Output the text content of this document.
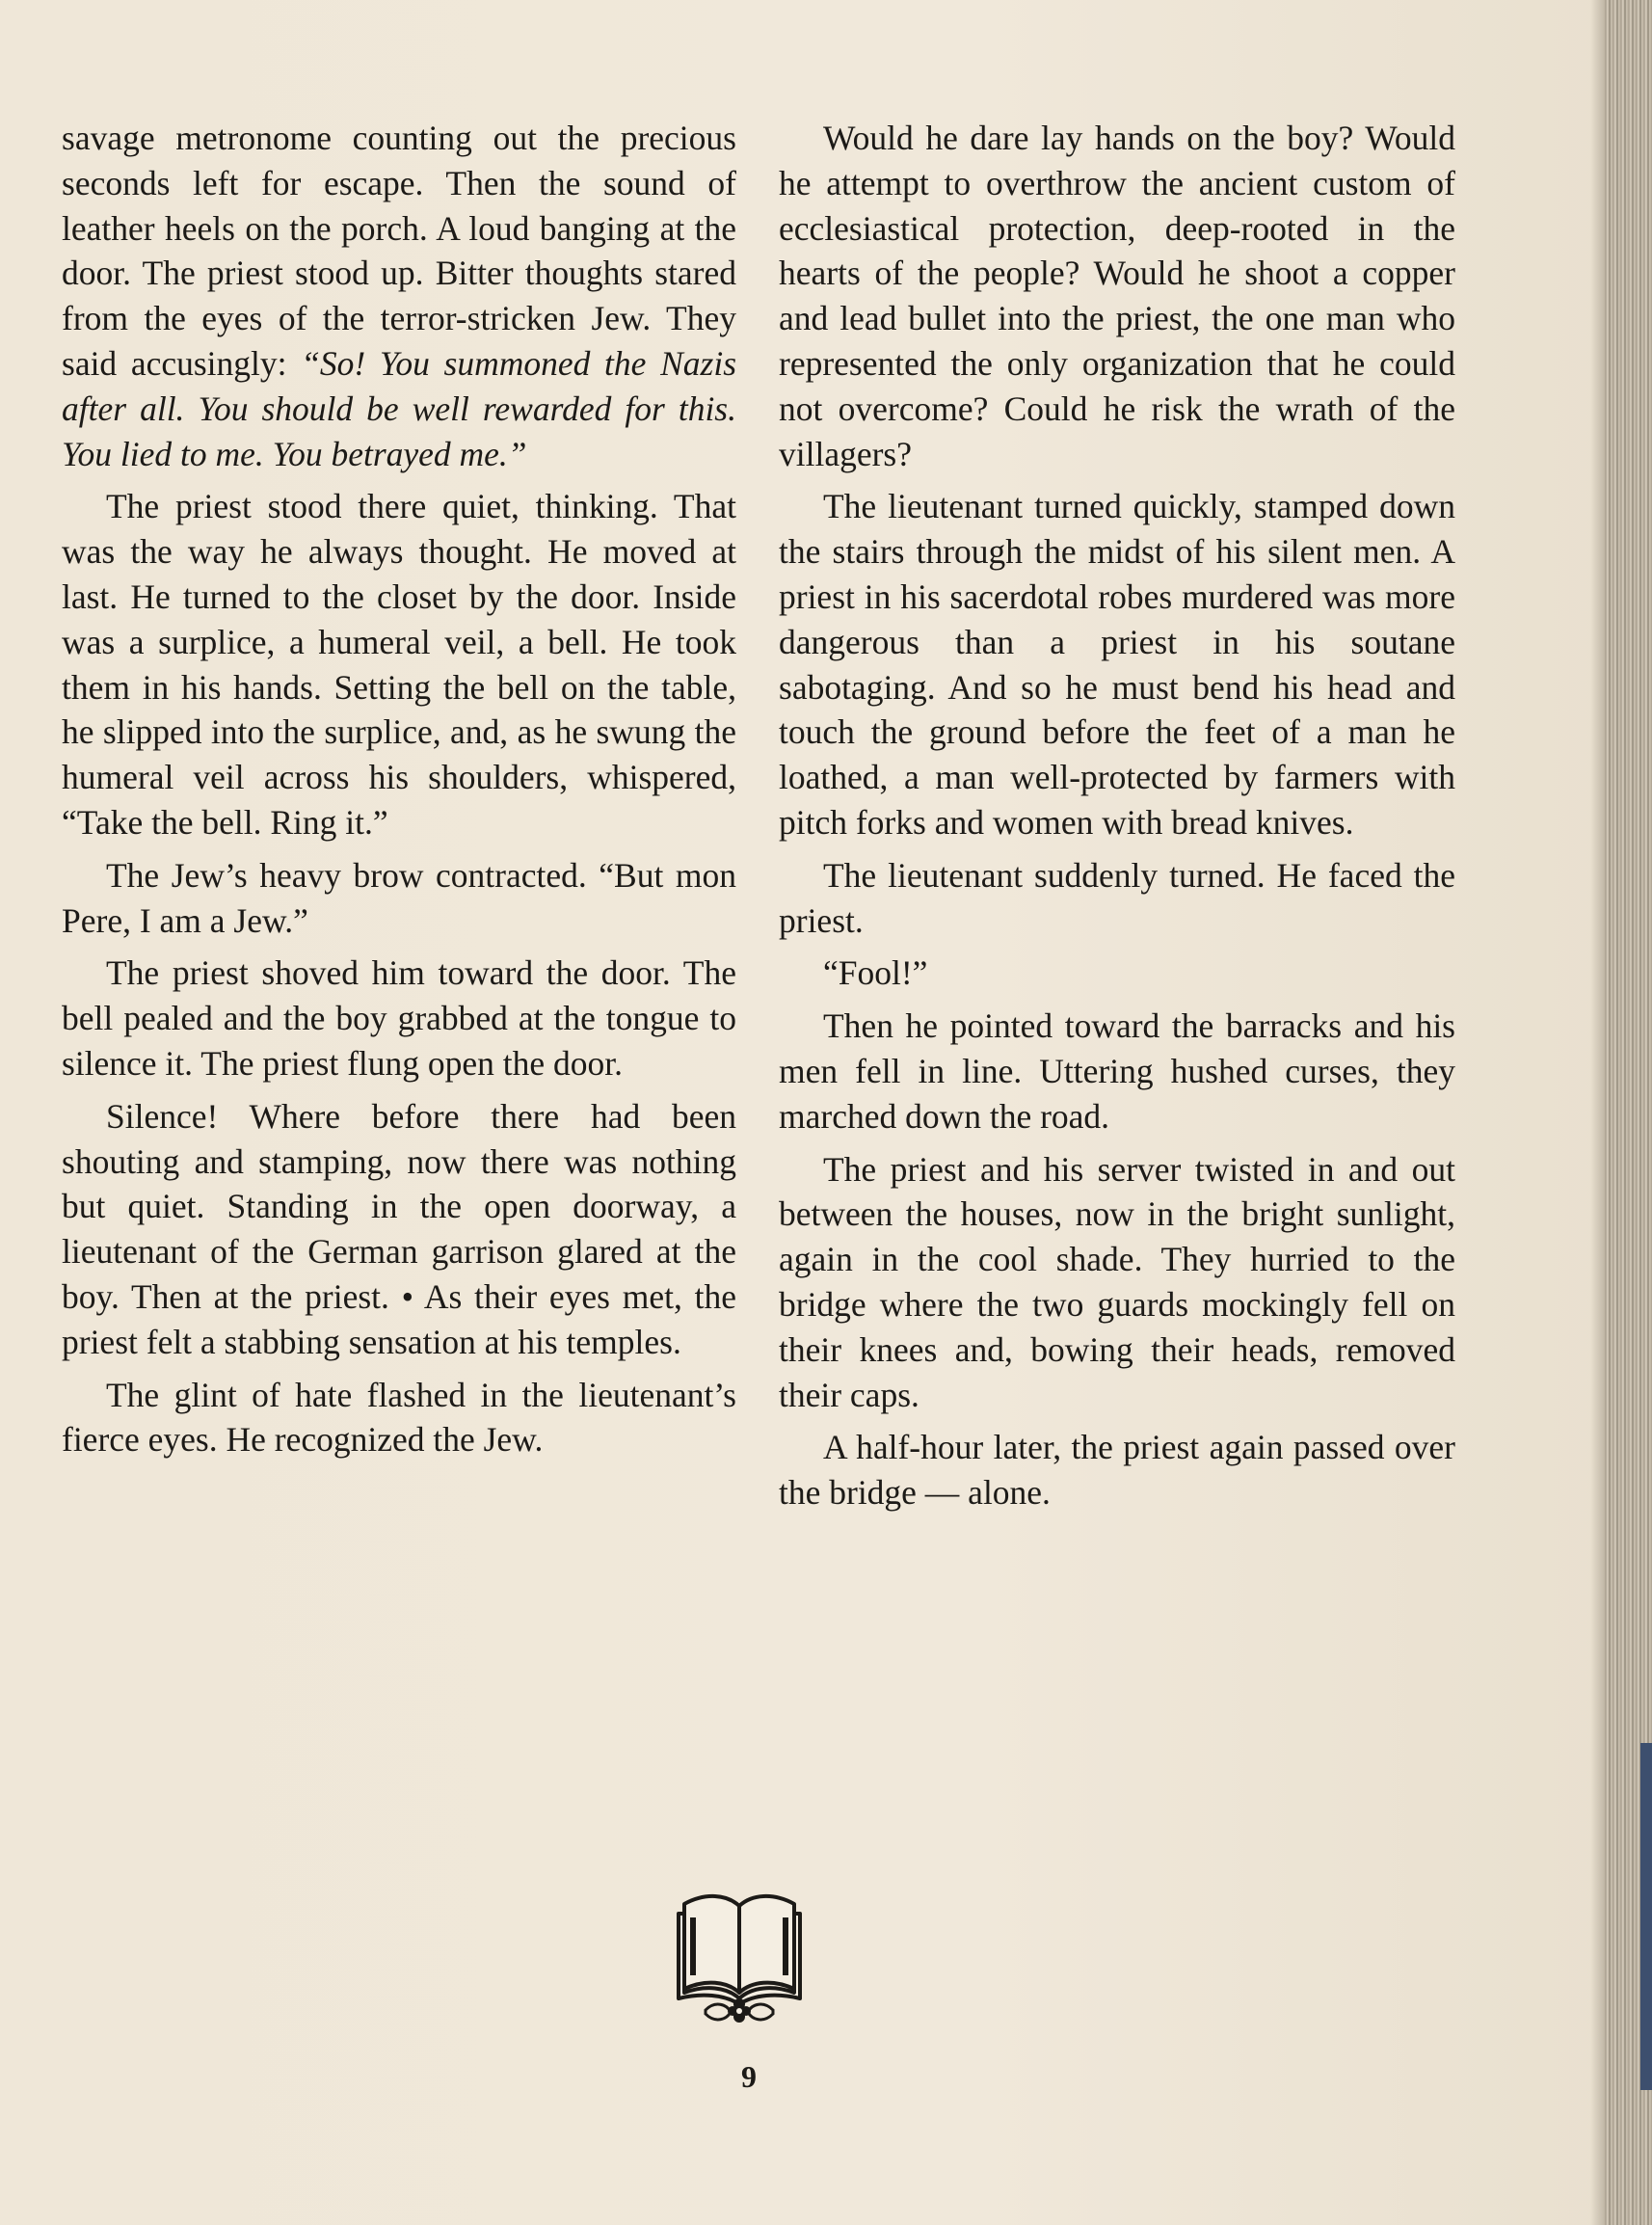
savage metronome counting out the precious seconds left for escape. Then the sound of leather heels on the porch. A loud banging at the door. The priest stood up. Bitter thoughts stared from the eyes of the terror-stricken Jew. They said accusingly: “So! You summoned the Nazis after all. You should be well rewarded for this. You lied to me. You betrayed me.”

The priest stood there quiet, thinking. That was the way he always thought. He moved at last. He turned to the closet by the door. Inside was a surplice, a humeral veil, a bell. He took them in his hands. Setting the bell on the table, he slipped into the surplice, and, as he swung the humeral veil across his shoulders, whispered, “Take the bell. Ring it.”

The Jew’s heavy brow contracted. “But mon Pere, I am a Jew.”

The priest shoved him toward the door. The bell pealed and the boy grabbed at the tongue to silence it. The priest flung open the door.

Silence! Where before there had been shouting and stamping, now there was nothing but quiet. Standing in the open doorway, a lieutenant of the German garrison glared at the boy. Then at the priest. • As their eyes met, the priest felt a stabbing sensation at his temples.

The glint of hate flashed in the lieutenant’s fierce eyes. He recognized the Jew.

Would he dare lay hands on the boy? Would he attempt to overthrow the ancient custom of ecclesiastical protection, deep-rooted in the hearts of the people? Would he shoot a copper and lead bullet into the priest, the one man who represented the only organization that he could not overcome? Could he risk the wrath of the villagers?

The lieutenant turned quickly, stamped down the stairs through the midst of his silent men. A priest in his sacerdotal robes murdered was more dangerous than a priest in his soutane sabotaging. And so he must bend his head and touch the ground before the feet of a man he loathed, a man well-protected by farmers with pitch forks and women with bread knives.

The lieutenant suddenly turned. He faced the priest.

“Fool!”

Then he pointed toward the barracks and his men fell in line. Uttering hushed curses, they marched down the road.

The priest and his server twisted in and out between the houses, now in the bright sunlight, again in the cool shade. They hurried to the bridge where the two guards mockingly fell on their knees and, bowing their heads, removed their caps.

A half-hour later, the priest again passed over the bridge — alone.

9
